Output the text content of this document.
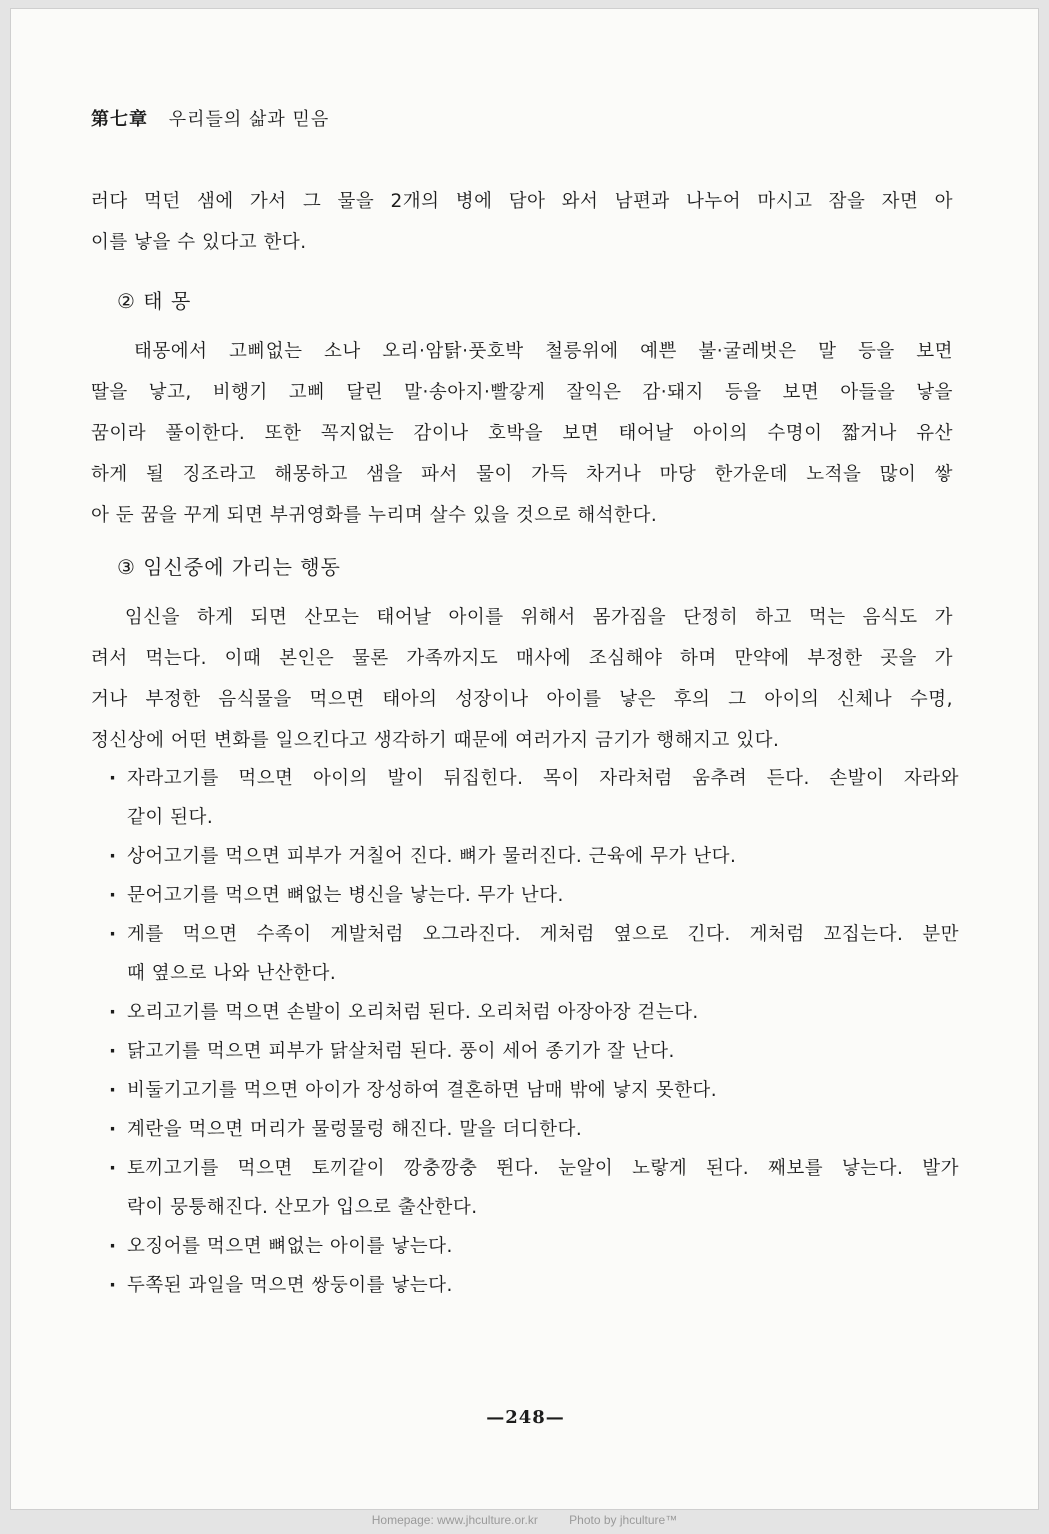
第七章 우리들의 삶과 믿음
러다 먹던 샘에 가서 그 물을 2개의 병에 담아 와서 남편과 나누어 마시고 잠을 자면 아
이를 낳을 수 있다고 한다.
② 태 몽
태몽에서 고삐없는 소나 오리·암탉·풋호박 철릉위에 예쁜 불·굴레벗은 말 등을 보면
딸을 낳고, 비행기 고삐 달린 말·송아지·빨갛게 잘익은 감·돼지 등을 보면 아들을 낳을
꿈이라 풀이한다. 또한 꼭지없는 감이나 호박을 보면 태어날 아이의 수명이 짧거나 유산
하게 될 징조라고 해몽하고 샘을 파서 물이 가득 차거나 마당 한가운데 노적을 많이 쌓
아 둔 꿈을 꾸게 되면 부귀영화를 누리며 살수 있을 것으로 해석한다.
③ 임신중에 가리는 행동
임신을 하게 되면 산모는 태어날 아이를 위해서 몸가짐을 단정히 하고 먹는 음식도 가
려서 먹는다. 이때 본인은 물론 가족까지도 매사에 조심해야 하며 만약에 부정한 곳을 가
거나 부정한 음식물을 먹으면 태아의 성장이나 아이를 낳은 후의 그 아이의 신체나 수명,
정신상에 어떤 변화를 일으킨다고 생각하기 때문에 여러가지 금기가 행해지고 있다.
· 자라고기를 먹으면 아이의 발이 뒤집힌다. 목이 자라처럼 움추려 든다. 손발이 자라와
같이 된다.
· 상어고기를 먹으면 피부가 거칠어 진다. 뼈가 물러진다. 근육에 무가 난다.
· 문어고기를 먹으면 뼈없는 병신을 낳는다. 무가 난다.
· 게를 먹으면 수족이 게발처럼 오그라진다. 게처럼 옆으로 긴다. 게처럼 꼬집는다. 분만
때 옆으로 나와 난산한다.
· 오리고기를 먹으면 손발이 오리처럼 된다. 오리처럼 아장아장 걷는다.
· 닭고기를 먹으면 피부가 닭살처럼 된다. 풍이 세어 종기가 잘 난다.
· 비둘기고기를 먹으면 아이가 장성하여 결혼하면 남매 밖에 낳지 못한다.
· 계란을 먹으면 머리가 물렁물렁 해진다. 말을 더디한다.
· 토끼고기를 먹으면 토끼같이 깡충깡충 뛴다. 눈알이 노랗게 된다. 째보를 낳는다. 발가
락이 뭉퉁해진다. 산모가 입으로 출산한다.
· 오징어를 먹으면 뼈없는 아이를 낳는다.
· 두쪽된 과일을 먹으면 쌍둥이를 낳는다.
—248—
Homepage: www.jhculture.or.kr	Photo by jhculture™
